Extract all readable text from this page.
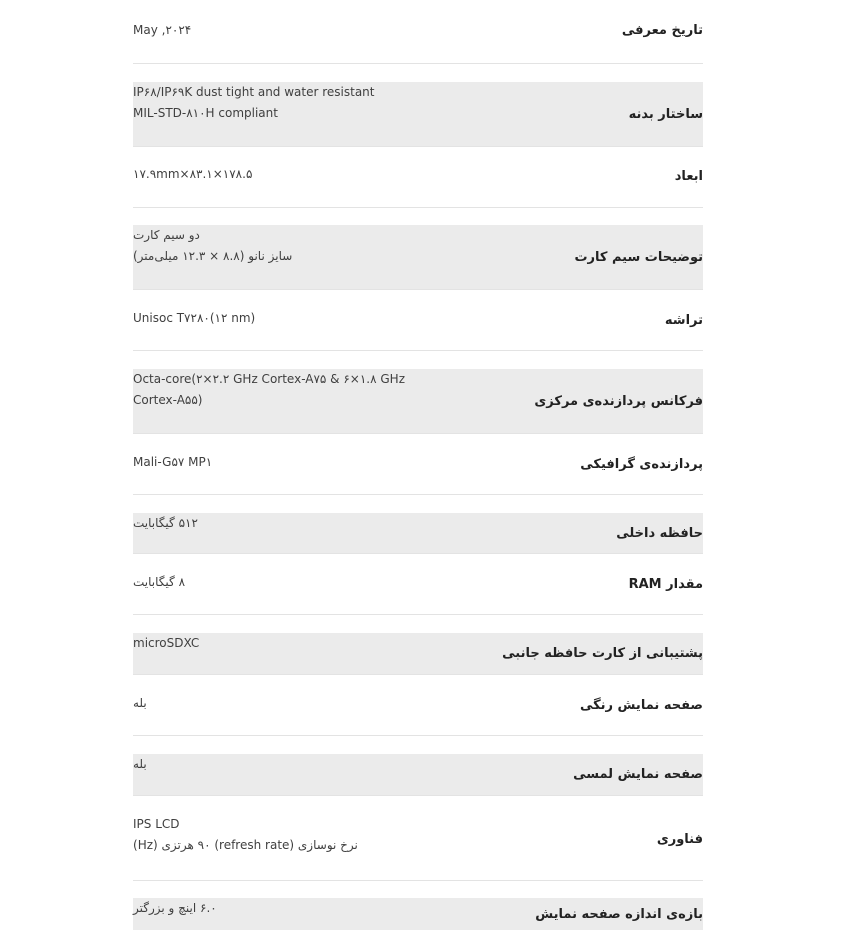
تاریخ معرفی
May ,۲۰۲۴
ساختار بدنه
IP۶۸/IP۶۹K dust tight and water resistant
MIL-STD-۸۱۰H compliant
ابعاد
۱۷.۹mm×۸۳.۱×۱۷۸.۵
توضیحات سیم کارت
دو سیم کارت
سایز نانو (۸.۸ × ۱۲.۳ میلی‌متر)
تراشه
Unisoc T۷۲۸۰(۱۲ nm)
فرکانس پردازنده‌ی مرکزی
Octa-core(۲×۲.۲ GHz Cortex-A۷۵ & ۶×۱.۸ GHz
Cortex-A۵۵)
پردازنده‌ی گرافیکی
Mali-G۵۷ MP۱
حافظه داخلی
۵۱۲ گیگابایت
مقدار RAM
۸ گیگابایت
پشتیبانی از کارت حافظه جانبی
microSDXC
صفحه نمایش رنگی
بله
صفحه نمایش لمسی
بله
فناوری
IPS LCD
نرخ نوسازی (refresh rate) ۹۰ هرتزی (Hz)
بازه‌ی اندازه صفحه نمایش
۶.۰ اینچ و بزرگتر
